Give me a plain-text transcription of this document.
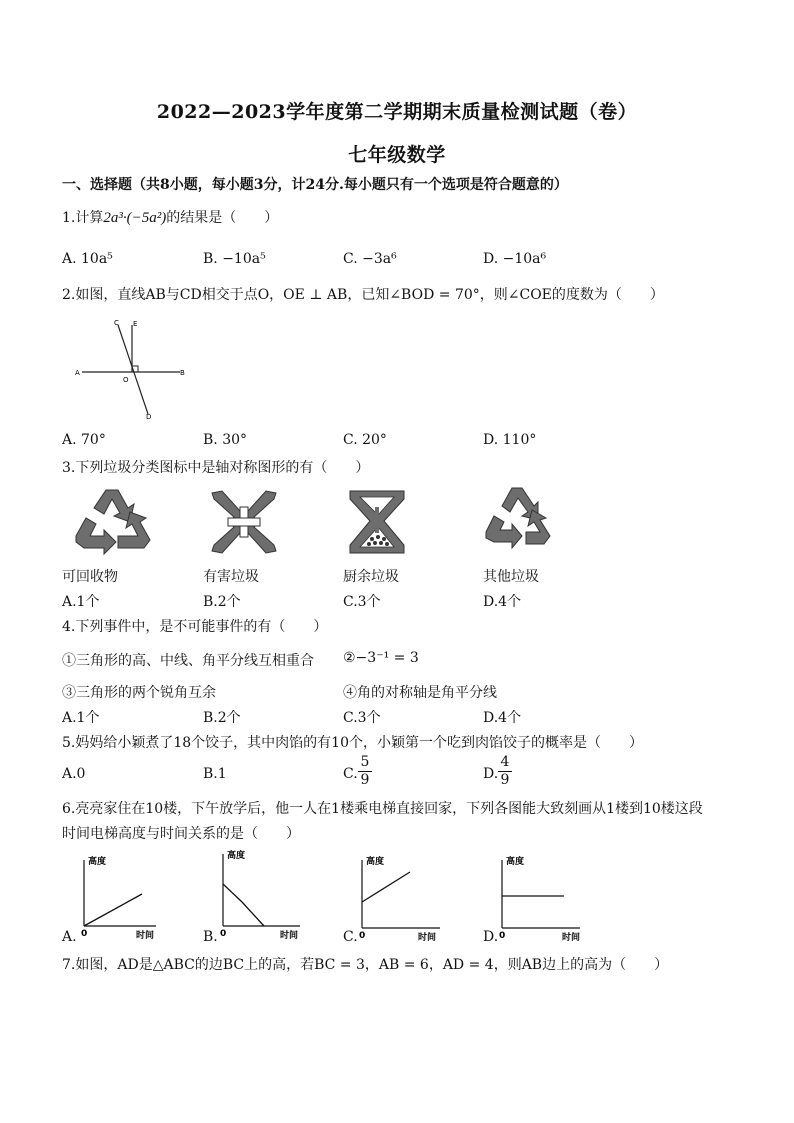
2022—2023学年度第二学期期末质量检测试题（卷）
七年级数学
一、选择题（共8小题，每小题3分，计24分.每小题只有一个选项是符合题意的）
1.计算2a³·(−5a²)的结果是（　　）
A. 10a⁵	B. −10a⁵	C. −3a⁶	D. −10a⁶
2.如图，直线AB与CD相交于点O，OE ⊥ AB，已知∠BOD = 70°，则∠COE的度数为（　　）
C E
A
O
B
D
A. 70°	B. 30°	C. 20°	D. 110°
3.下列垃圾分类图标中是轴对称图形的有（　　）
可回收物	有害垃圾	厨余垃圾	其他垃圾
A.1个	B.2个	C.3个	D.4个
4.下列事件中，是不可能事件的有（　　）
①三角形的高、中线、角平分线互相重合 ②−3⁻¹ = 3
③三角形的两个锐角互余	④角的对称轴是角平分线
A.1个	B.2个	C.3个	D.4个
5.妈妈给小颖煮了18个饺子，其中肉馅的有10个，小颖第一个吃到肉馅饺子的概率是（　　）
A.0	B.1	C. $\frac{5}{9}$	D. $\frac{4}{9}$
6.亮亮家住在10楼，下午放学后，他一人在1楼乘电梯直接回家，下列各图能大致刻画从1楼到10楼这段
时间电梯高度与时间关系的是（　　）
A.
高度
0	时间	B.
高度
0	时间	C.
高度
0	时间	D.
高度
0	时间
7.如图，AD是△ABC的边BC上的高，若BC = 3，AB = 6，AD = 4，则AB边上的高为（　　）
